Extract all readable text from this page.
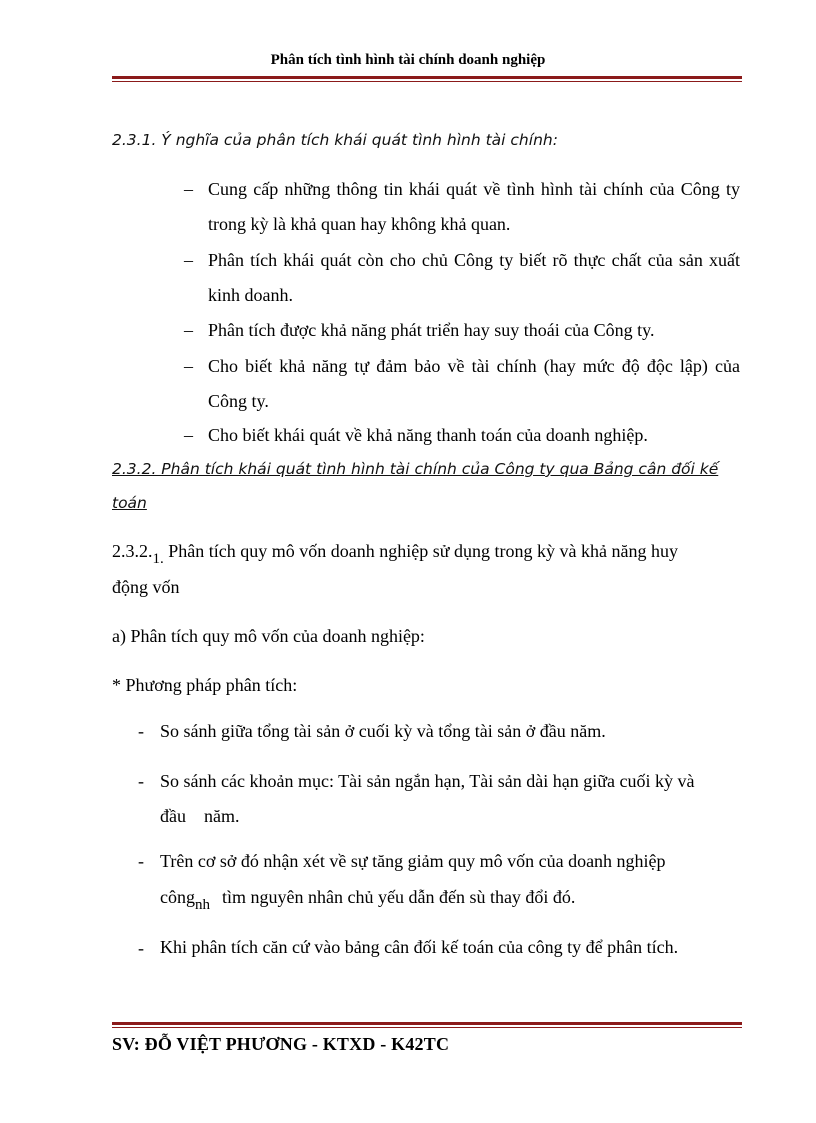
Phân tích tình hình tài chính doanh nghiệp
2.3.1. Ý nghĩa của phân tích khái quát tình hình tài chính:
– Cung cấp những thông tin khái quát về tình hình tài chính của Công ty trong kỳ là khả quan hay không khả quan.
– Phân tích khái quát còn cho chủ Công ty biết rõ thực chất của sản xuất kinh doanh.
– Phân tích được khả năng phát triển hay suy thoái của Công ty.
– Cho biết khả năng tự đảm bảo về tài chính (hay mức độ độc lập) của Công ty.
– Cho biết khái quát về khả năng thanh toán của doanh nghiệp.
2.3.2. Phân tích khái quát tình hình tài chính của Công ty qua Bảng cân đối kế
toán
$2.3.2._{1.}$ Phân tích quy mô vốn doanh nghiệp sử dụng trong kỳ và khả năng huy
động vốn
a) Phân tích quy mô vốn của doanh nghiệp:
* Phương pháp phân tích:
- So sánh giữa tổng tài sản ở cuối kỳ và tổng tài sản ở đầu năm.
- So sánh các khoản mục: Tài sản ngắn hạn, Tài sản dài hạn giữa cuối kỳ và
đầu    năm.
- Trên cơ sở đó nhận xét về sự tăng giảm quy mô vốn của doanh nghiệp
công$_{nh}$ tìm nguyên nhân chủ yếu dẫn đến sù thay đổi đó.
- Khi phân tích căn cứ vào bảng cân đối kế toán của công ty để phân tích.
SV: ĐỖ VIỆT PHƯƠNG - KTXD - K42TC
